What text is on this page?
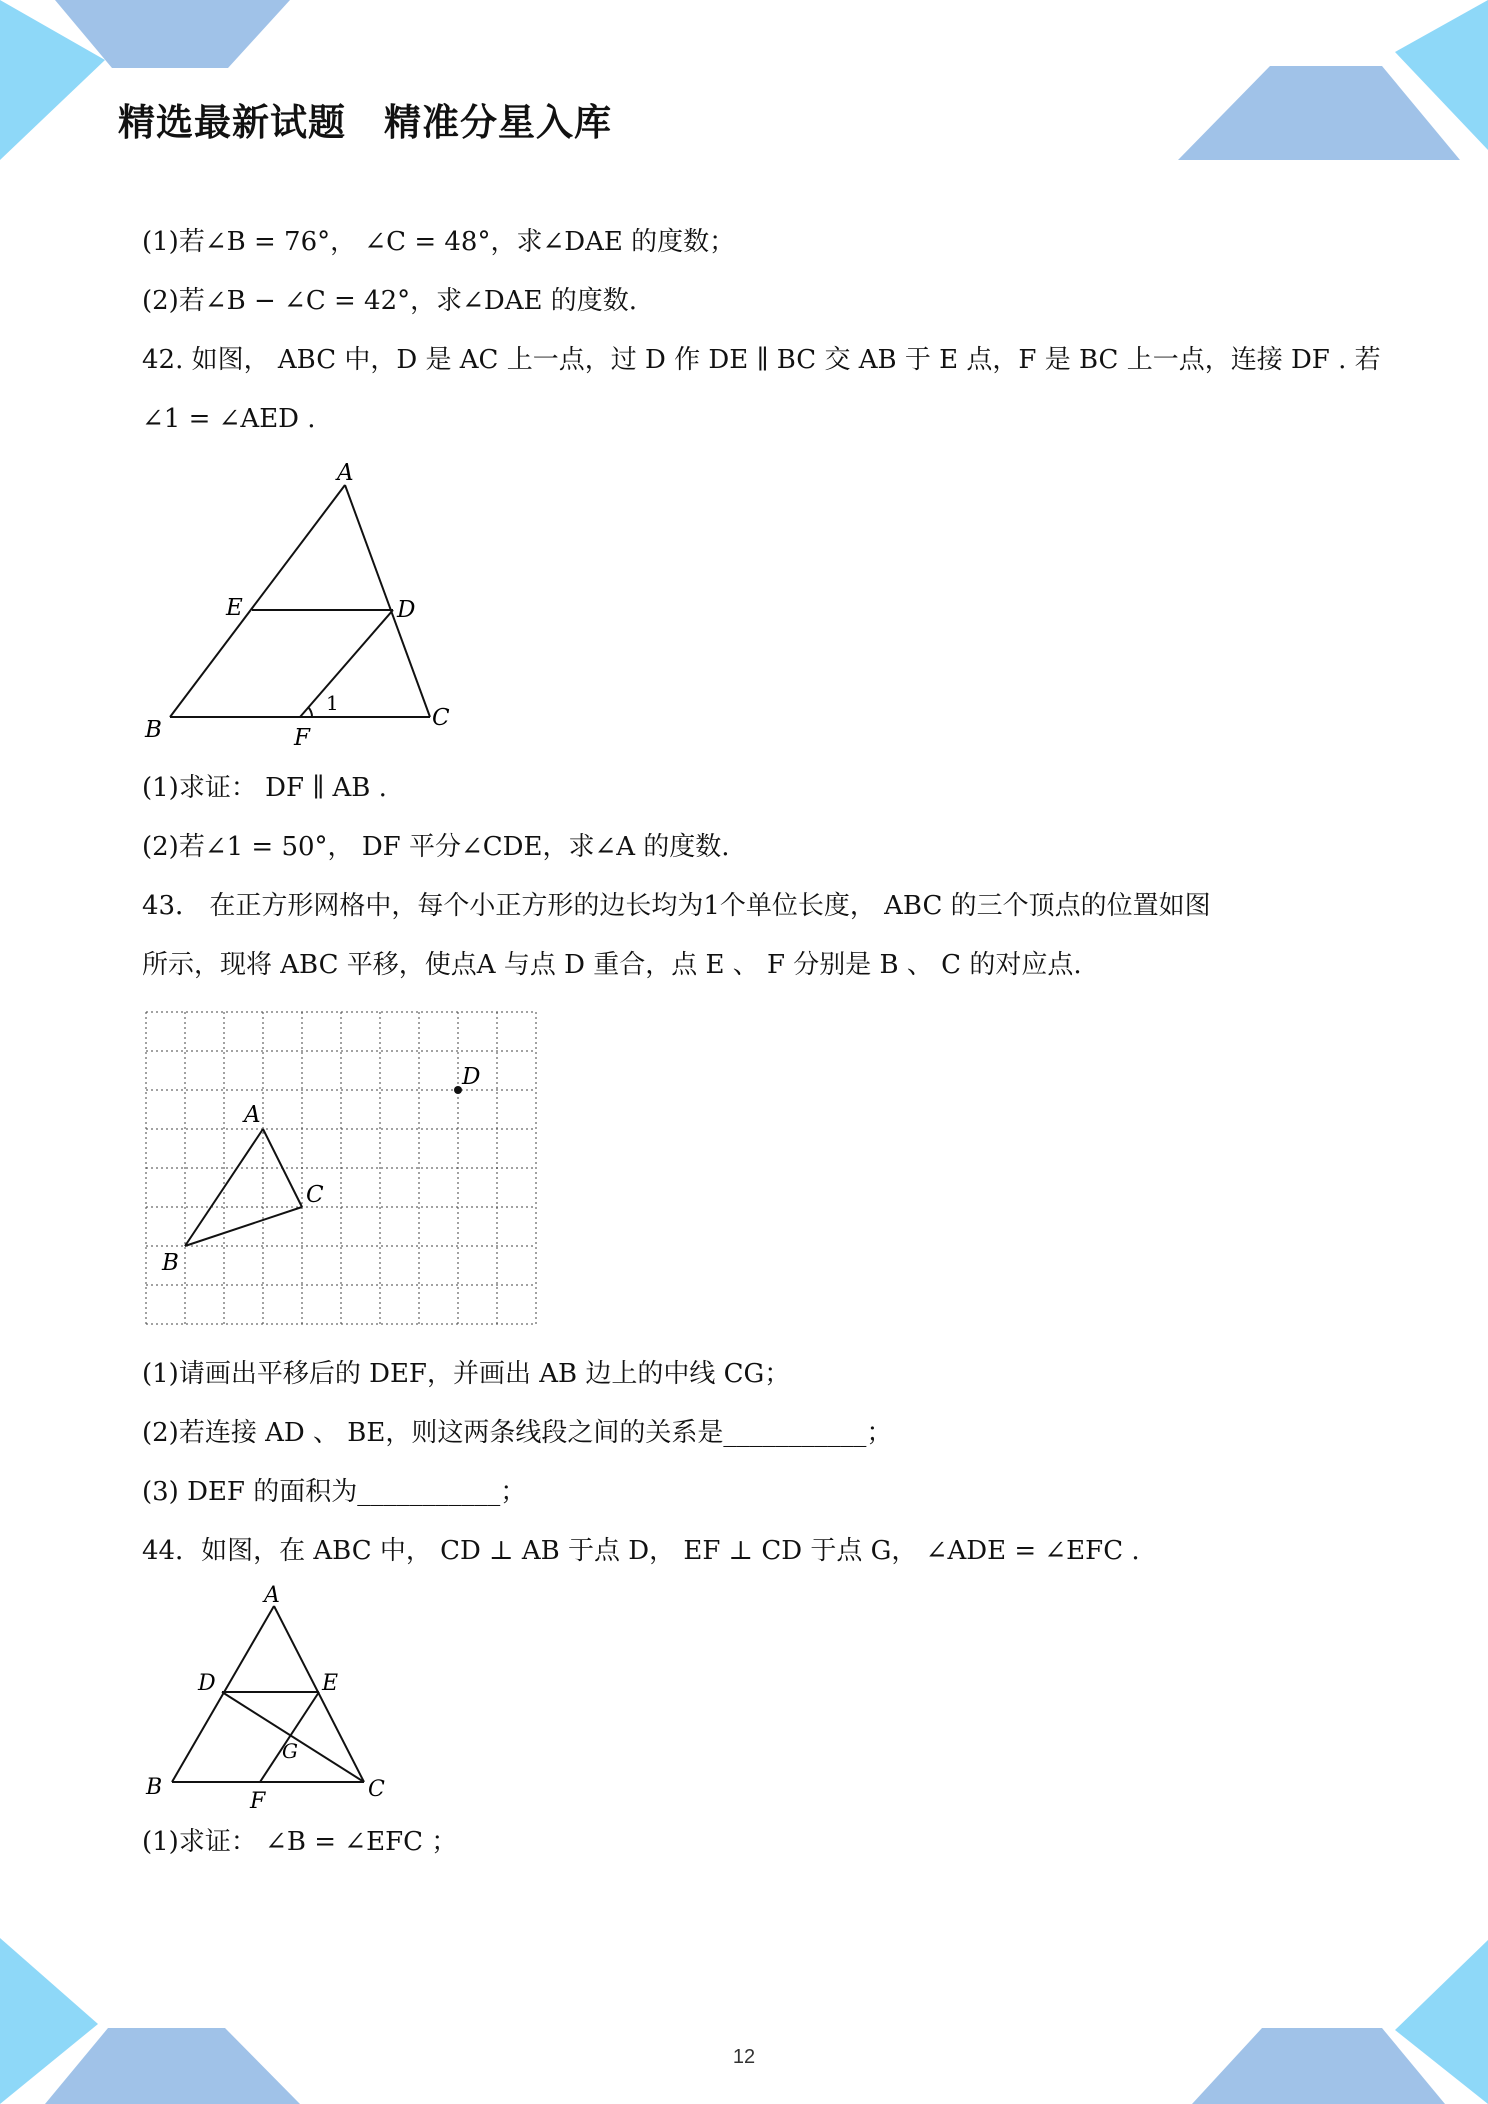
精选最新试题　精准分星入库
(1)若∠B = 76°， ∠C = 48°，求∠DAE 的度数；
(2)若∠B − ∠C = 42°，求∠DAE 的度数.
42. 如图， ABC 中，D 是 AC 上一点，过 D 作 DE ∥ BC 交 AB 于 E 点，F 是 BC 上一点，连接 DF . 若
∠1 = ∠AED .
A
E	D
B	F
C
1
(1)求证： DF ∥ AB .
(2)若∠1 = 50°， DF 平分∠CDE，求∠A 的度数.
43． 在正方形网格中，每个小正方形的边长均为1个单位长度， ABC 的三个顶点的位置如图
所示，现将 ABC 平移，使点A 与点 D 重合，点 E 、 F 分别是 B 、 C 的对应点.
A
B
C
D
(1)请画出平移后的 DEF，并画出 AB 边上的中线 CG；
(2)若连接 AD 、 BE，则这两条线段之间的关系是___________；
(3) DEF 的面积为___________；
44．如图，在 ABC 中， CD ⊥ AB 于点 D， EF ⊥ CD 于点 G， ∠ADE = ∠EFC .
A
D	E
G
B
F	C
(1)求证： ∠B = ∠EFC ；
12
